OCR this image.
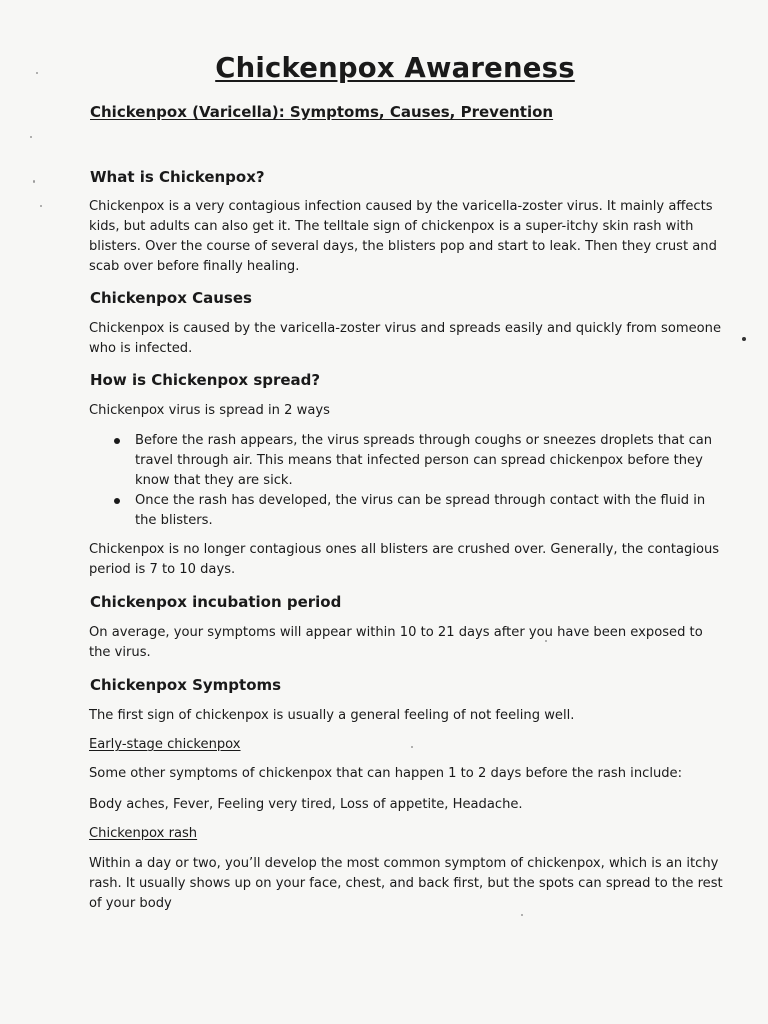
Chickenpox Awareness
Chickenpox (Varicella): Symptoms, Causes, Prevention
What is Chickenpox?
Chickenpox is a very contagious infection caused by the varicella-zoster virus. It mainly affects
kids, but adults can also get it. The telltale sign of chickenpox is a super-itchy skin rash with
blisters. Over the course of several days, the blisters pop and start to leak. Then they crust and
scab over before finally healing.
Chickenpox Causes
Chickenpox is caused by the varicella-zoster virus and spreads easily and quickly from someone
who is infected.
How is Chickenpox spread?
Chickenpox virus is spread in 2 ways
Before the rash appears, the virus spreads through coughs or sneezes droplets that can
travel through air. This means that infected person can spread chickenpox before they
know that they are sick.
Once the rash has developed, the virus can be spread through contact with the fluid in
the blisters.
Chickenpox is no longer contagious ones all blisters are crushed over. Generally, the contagious
period is 7 to 10 days.
Chickenpox incubation period
On average, your symptoms will appear within 10 to 21 days after you have been exposed to
the virus.
Chickenpox Symptoms
The first sign of chickenpox is usually a general feeling of not feeling well.
Early-stage chickenpox
Some other symptoms of chickenpox that can happen 1 to 2 days before the rash include:
Body aches, Fever, Feeling very tired, Loss of appetite, Headache.
Chickenpox rash
Within a day or two, you’ll develop the most common symptom of chickenpox, which is an itchy
rash. It usually shows up on your face, chest, and back first, but the spots can spread to the rest
of your body
